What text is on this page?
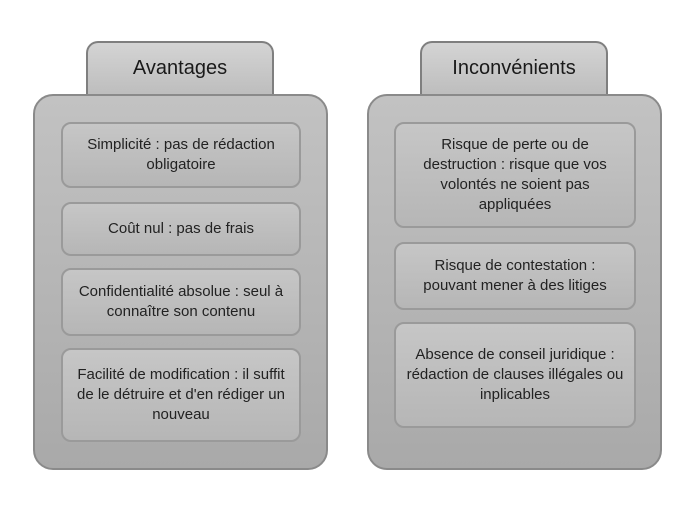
Avantages
Simplicité : pas de rédaction obligatoire
Coût nul : pas de frais
Confidentialité absolue : seul à connaître son contenu
Facilité de modification : il suffit de le détruire et d'en rédiger un nouveau
Inconvénients
Risque de perte ou de destruction : risque que vos volontés ne soient pas appliquées
Risque de contestation : pouvant mener à des litiges
Absence de conseil juridique : rédaction de clauses illégales ou inplicables
